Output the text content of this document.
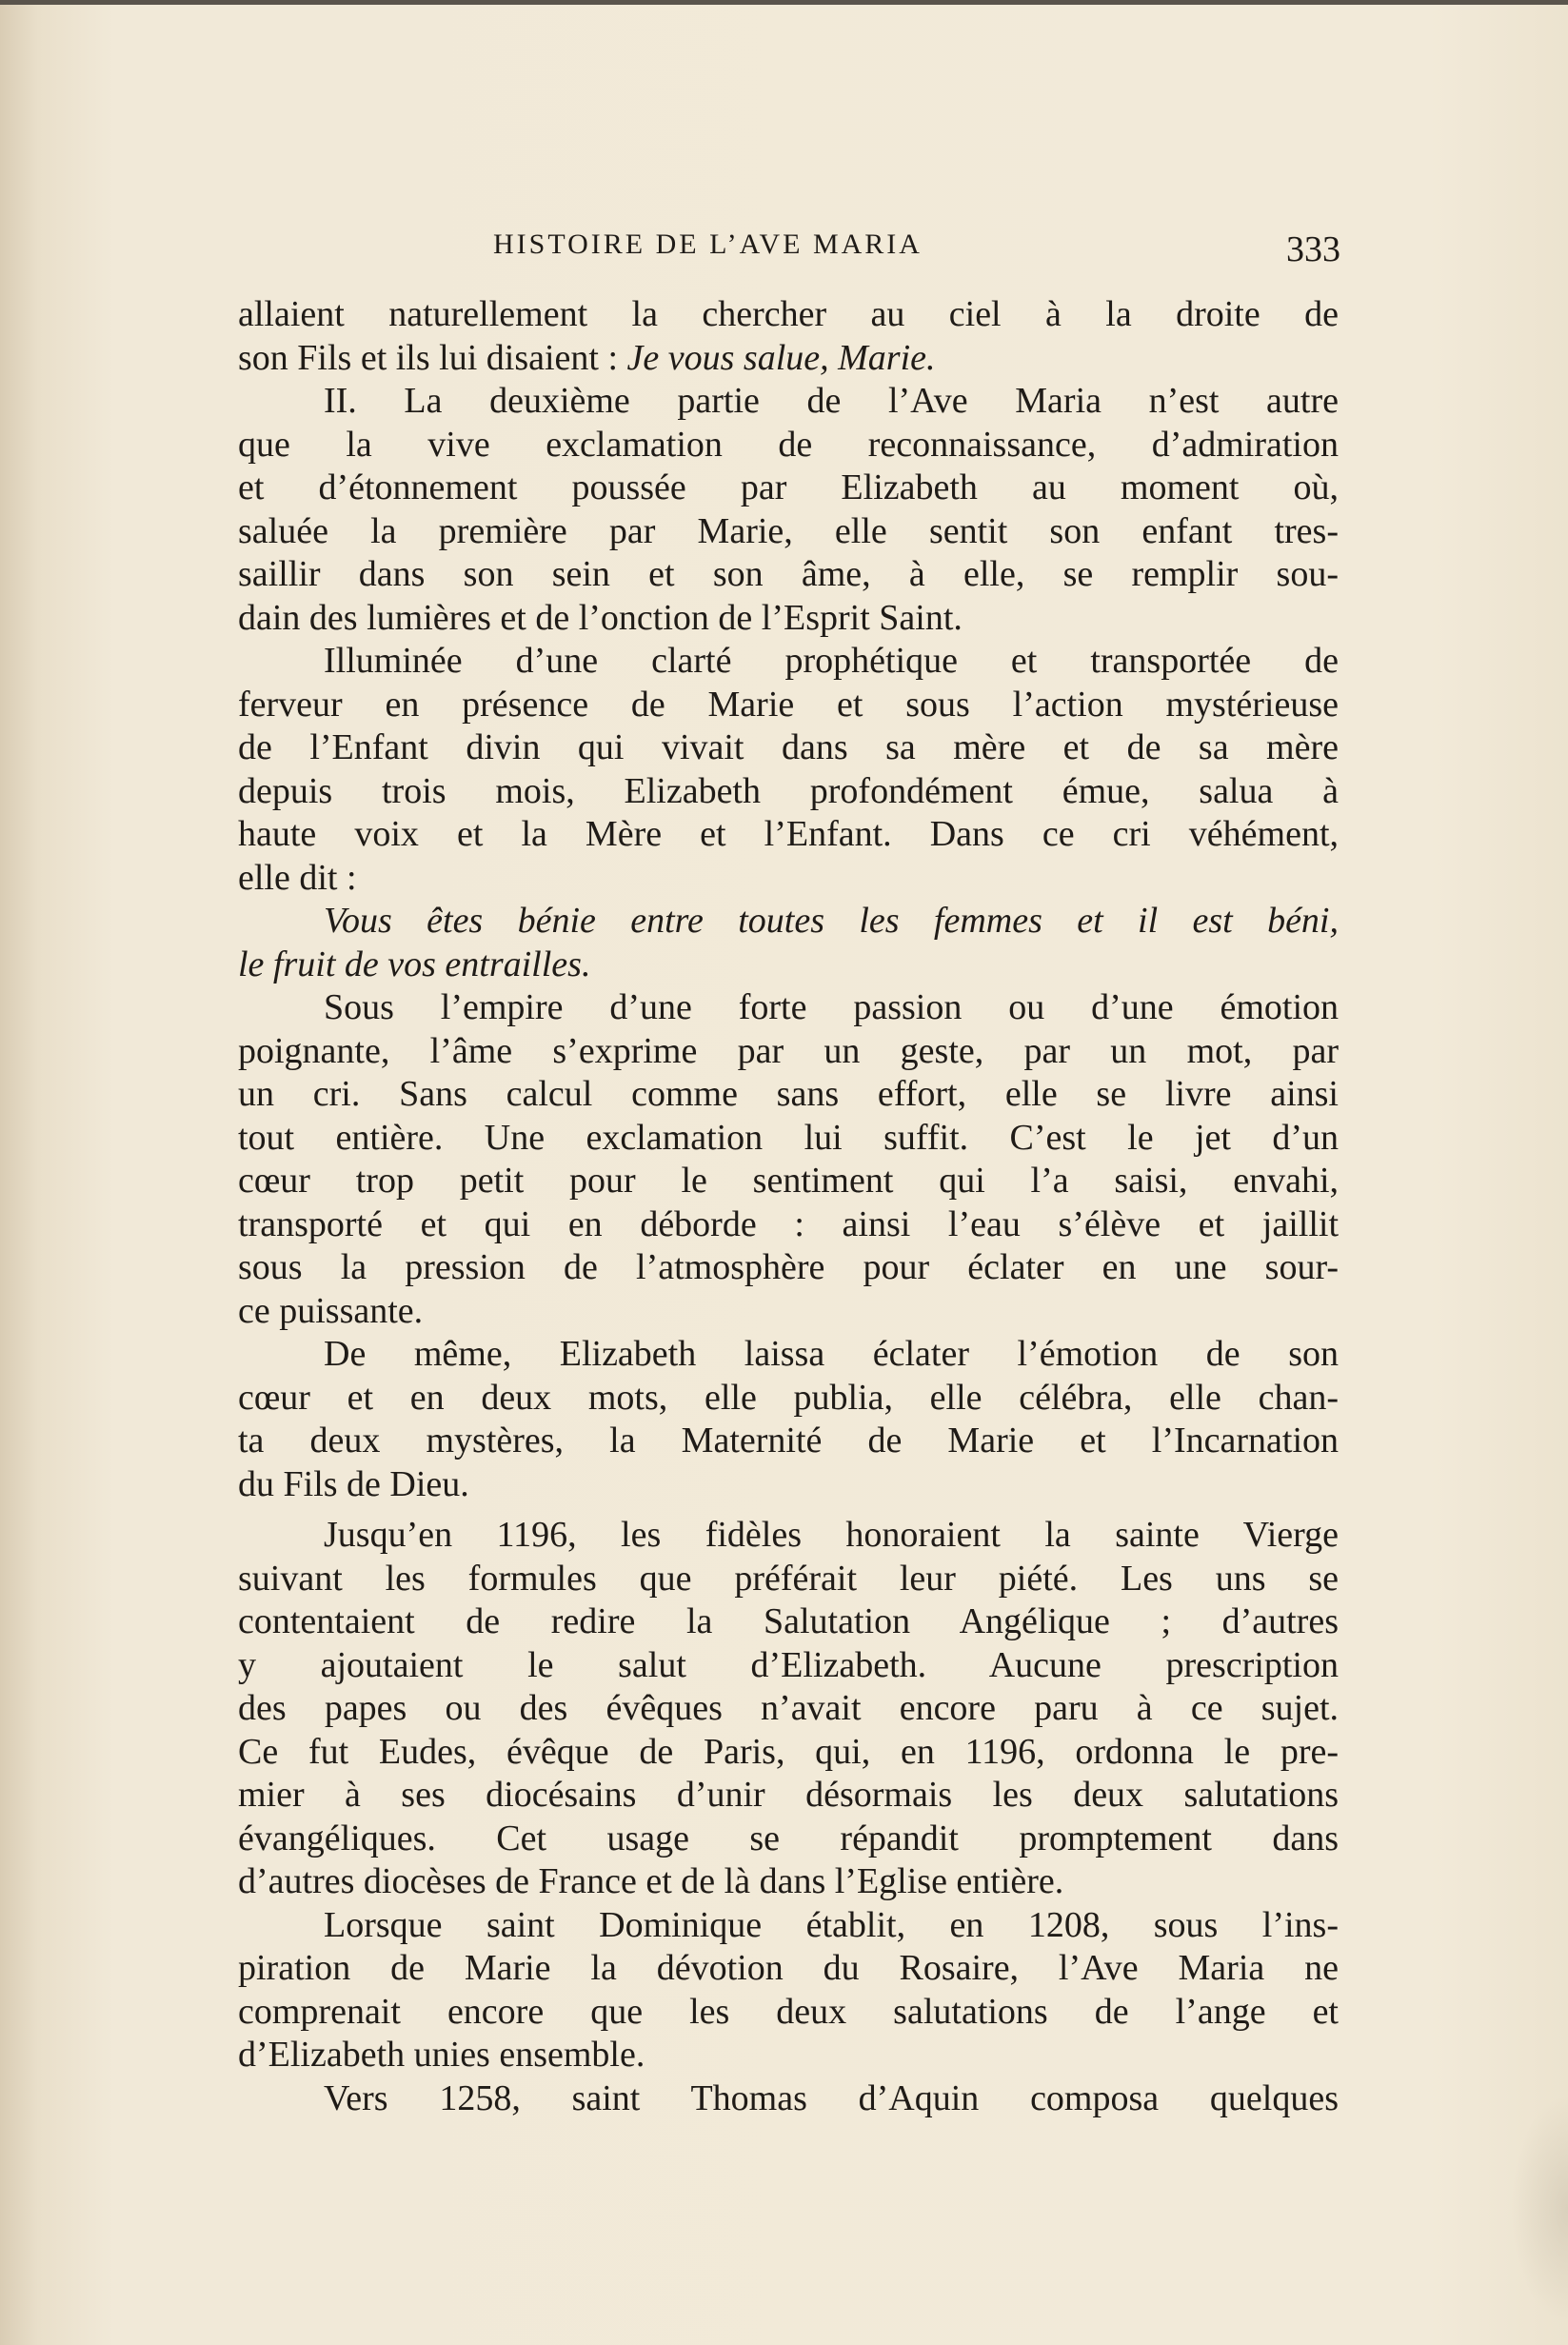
HISTOIRE DE L’AVE MARIA	333
allaient naturellement la chercher au ciel à la droite de
son Fils et ils lui disaient : Je vous salue, Marie.
II. La deuxième partie de l’Ave Maria n’est autre
que la vive exclamation de reconnaissance, d’admiration
et d’étonnement poussée par Elizabeth au moment où,
saluée la première par Marie, elle sentit son enfant tres-
saillir dans son sein et son âme, à elle, se remplir sou-
dain des lumières et de l’onction de l’Esprit Saint.
Illuminée d’une clarté prophétique et transportée de
ferveur en présence de Marie et sous l’action mystérieuse
de l’Enfant divin qui vivait dans sa mère et de sa mère
depuis trois mois, Elizabeth profondément émue, salua à
haute voix et la Mère et l’Enfant. Dans ce cri véhément,
elle dit :
Vous êtes bénie entre toutes les femmes et il est béni,
le fruit de vos entrailles.
Sous l’empire d’une forte passion ou d’une émotion
poignante, l’âme s’exprime par un geste, par un mot, par
un cri. Sans calcul comme sans effort, elle se livre ainsi
tout entière. Une exclamation lui suffit. C’est le jet d’un
cœur trop petit pour le sentiment qui l’a saisi, envahi,
transporté et qui en déborde : ainsi l’eau s’élève et jaillit
sous la pression de l’atmosphère pour éclater en une sour-
ce puissante.
De même, Elizabeth laissa éclater l’émotion de son
cœur et en deux mots, elle publia, elle célébra, elle chan-
ta deux mystères, la Maternité de Marie et l’Incarnation
du Fils de Dieu.
Jusqu’en 1196, les fidèles honoraient la sainte Vierge
suivant les formules que préférait leur piété. Les uns se
contentaient de redire la Salutation Angélique ; d’autres
y ajoutaient le salut d’Elizabeth. Aucune prescription
des papes ou des évêques n’avait encore paru à ce sujet.
Ce fut Eudes, évêque de Paris, qui, en 1196, ordonna le pre-
mier à ses diocésains d’unir désormais les deux salutations
évangéliques. Cet usage se répandit promptement dans
d’autres diocèses de France et de là dans l’Eglise entière.
Lorsque saint Dominique établit, en 1208, sous l’ins-
piration de Marie la dévotion du Rosaire, l’Ave Maria ne
comprenait encore que les deux salutations de l’ange et
d’Elizabeth unies ensemble.
Vers 1258, saint Thomas d’Aquin composa quelques
